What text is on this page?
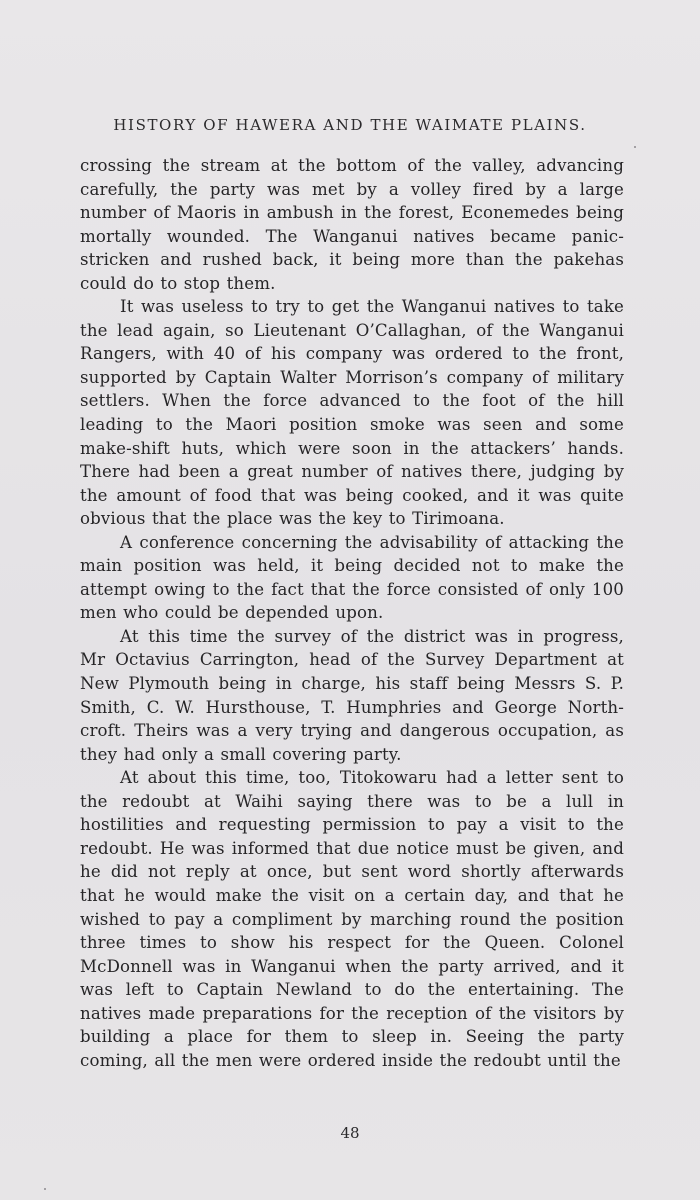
HISTORY OF HAWERA AND THE WAIMATE PLAINS.

crossing the stream at the bottom of the valley, advancing carefully, the party was met by a volley fired by a large number of Maoris in ambush in the forest, Econemedes being mortally wounded. The Wanganui natives became panic-stricken and rushed back, it being more than the pakehas could do to stop them.

It was useless to try to get the Wanganui natives to take the lead again, so Lieutenant O’Callaghan, of the Wanganui Rangers, with 40 of his company was ordered to the front, supported by Captain Walter Morrison’s company of military settlers. When the force advanced to the foot of the hill leading to the Maori position smoke was seen and some make-shift huts, which were soon in the attackers’ hands. There had been a great number of natives there, judging by the amount of food that was being cooked, and it was quite obvious that the place was the key to Tirimoana.

A conference concerning the advisability of attacking the main position was held, it being decided not to make the attempt owing to the fact that the force consisted of only 100 men who could be depended upon.

At this time the survey of the district was in progress, Mr Octavius Carrington, head of the Survey Department at New Plymouth being in charge, his staff being Messrs S. P. Smith, C. W. Hursthouse, T. Humphries and George North-croft. Theirs was a very trying and dangerous occupation, as they had only a small covering party.

At about this time, too, Titokowaru had a letter sent to the redoubt at Waihi saying there was to be a lull in hostilities and requesting permission to pay a visit to the redoubt. He was informed that due notice must be given, and he did not reply at once, but sent word shortly afterwards that he would make the visit on a certain day, and that he wished to pay a compliment by marching round the position three times to show his respect for the Queen. Colonel McDonnell was in Wanganui when the party arrived, and it was left to Captain Newland to do the entertaining. The natives made preparations for the reception of the visitors by building a place for them to sleep in. Seeing the party coming, all the men were ordered inside the redoubt until the

48
